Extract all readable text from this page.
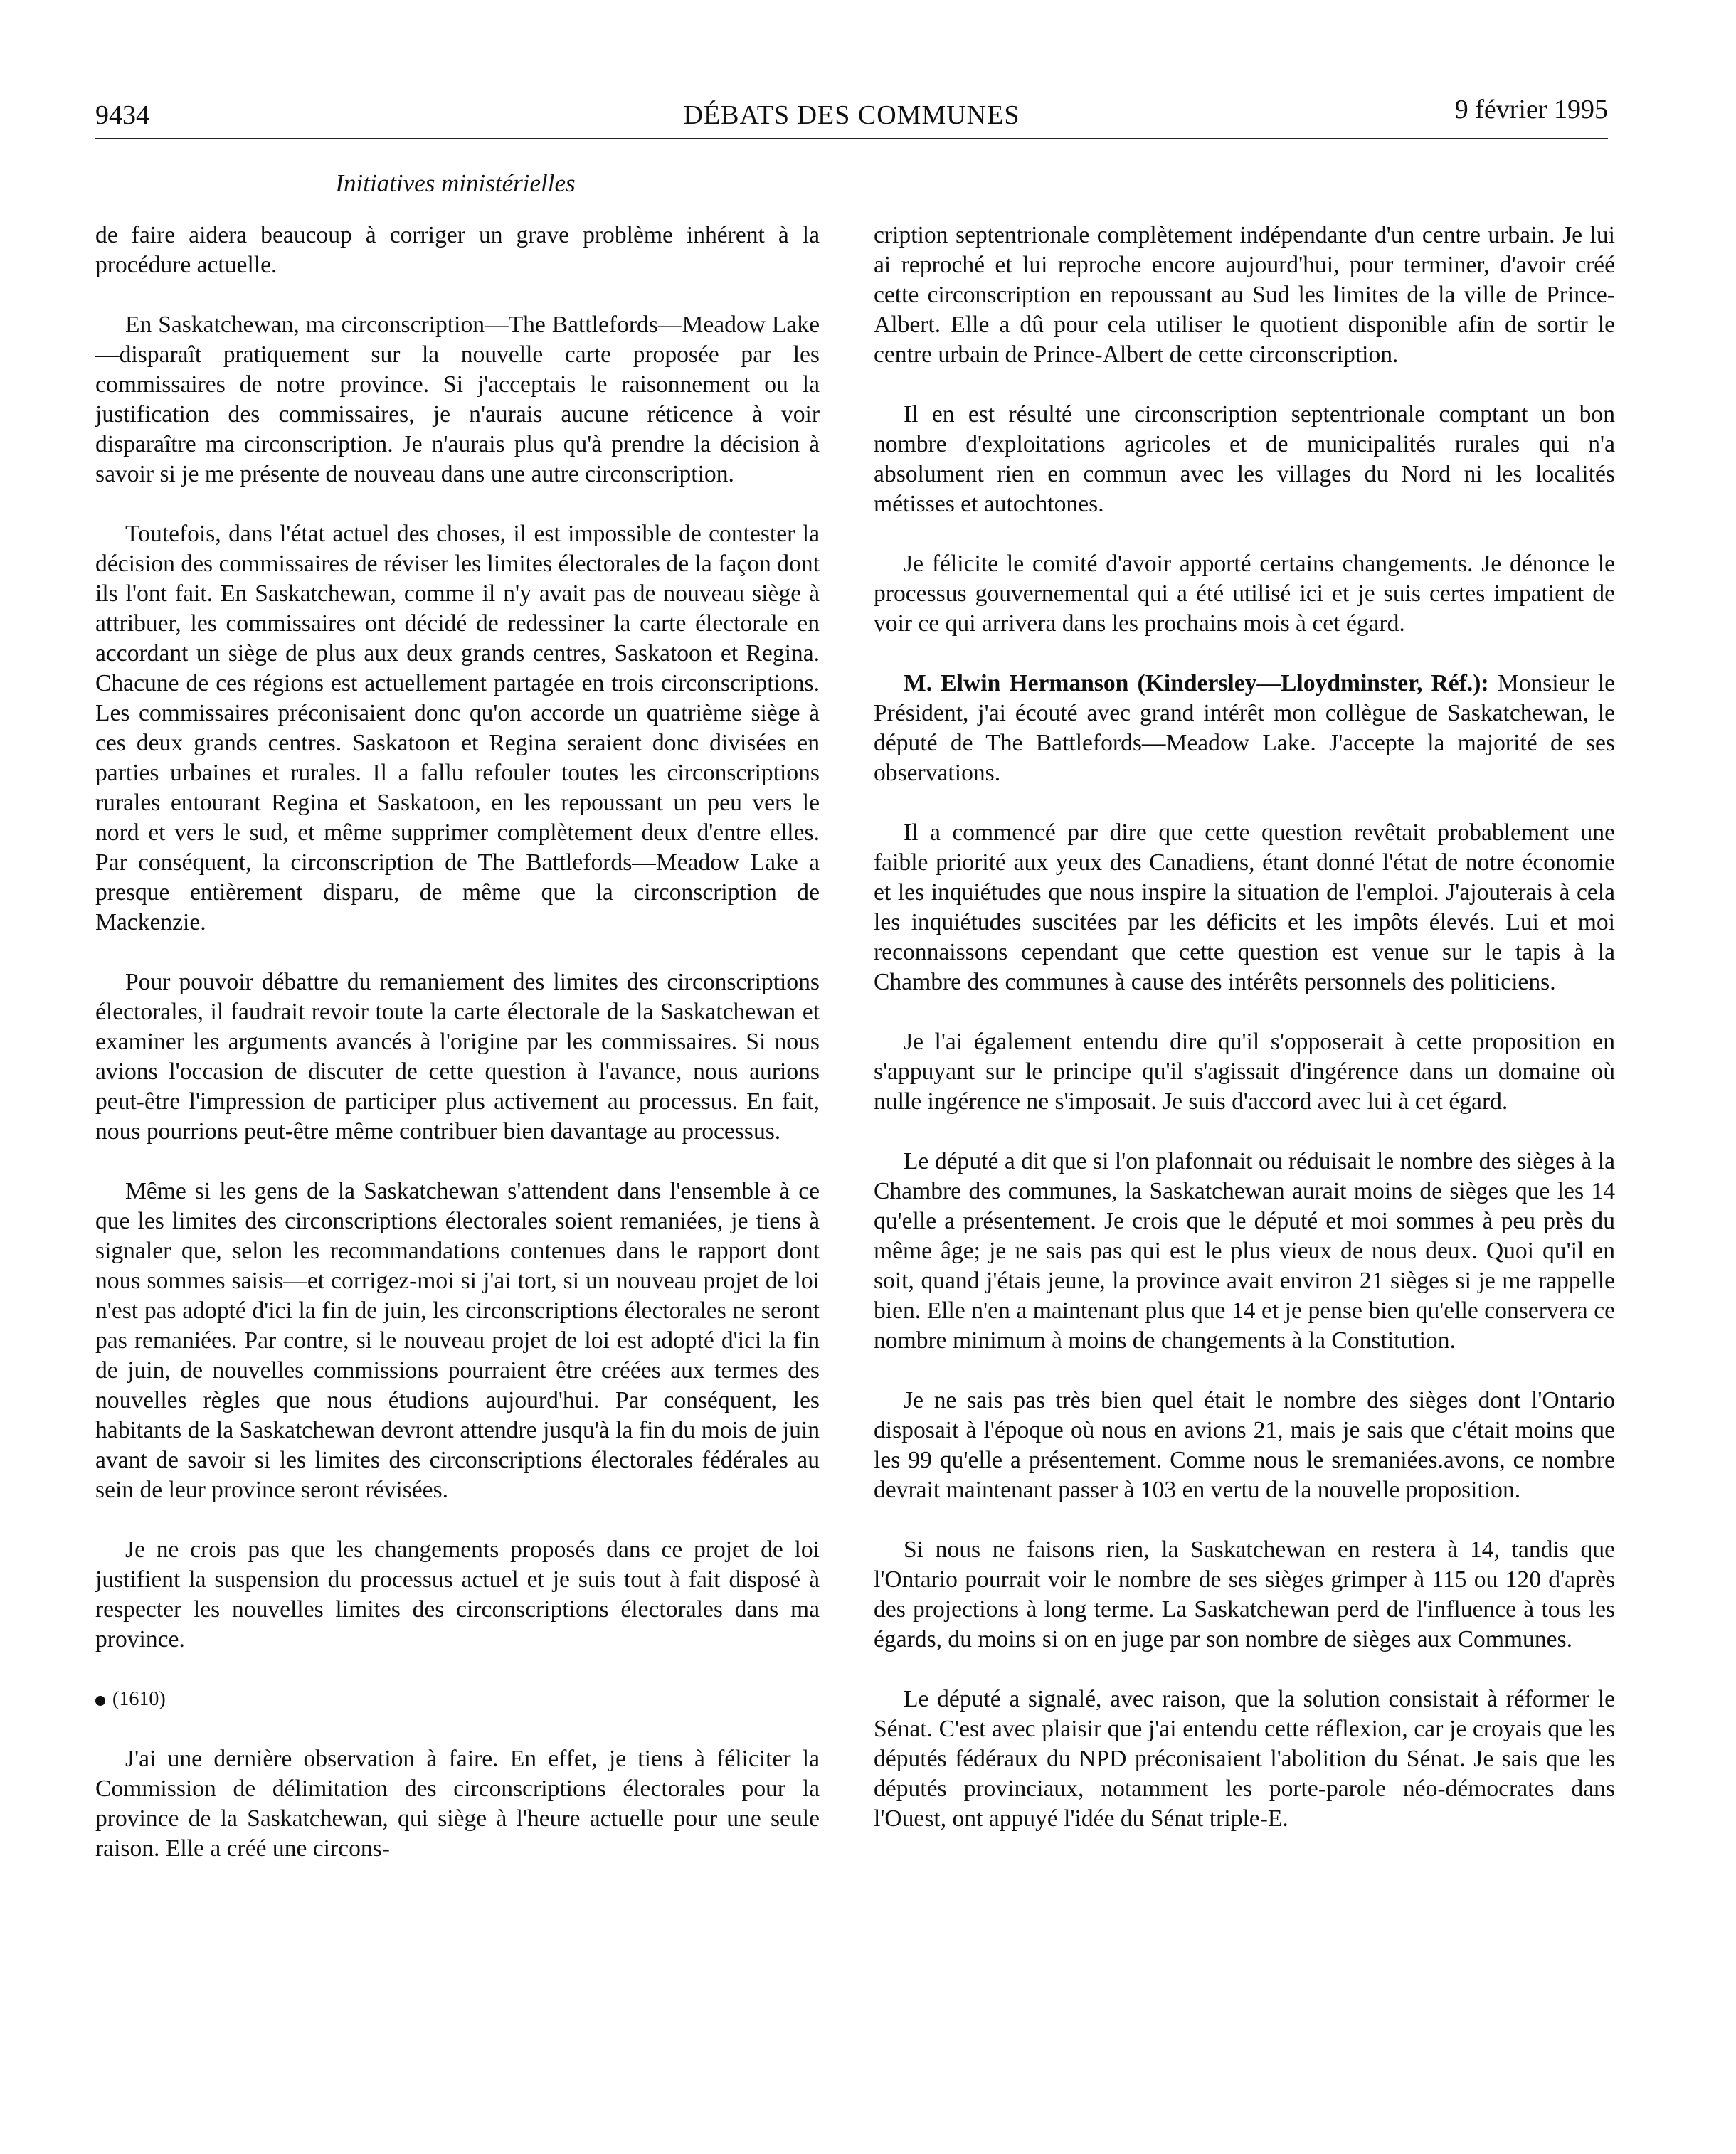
9434	DÉBATS DES COMMUNES	9 février 1995
Initiatives ministérielles

de faire aidera beaucoup à corriger un grave problème inhérent à la procédure actuelle.

En Saskatchewan, ma circonscription—The Battlefords—Meadow Lake—disparaît pratiquement sur la nouvelle carte proposée par les commissaires de notre province. Si j'acceptais le raisonnement ou la justification des commissaires, je n'aurais aucune réticence à voir disparaître ma circonscription. Je n'aurais plus qu'à prendre la décision à savoir si je me présente de nouveau dans une autre circonscription.

Toutefois, dans l'état actuel des choses, il est impossible de contester la décision des commissaires de réviser les limites électorales de la façon dont ils l'ont fait. En Saskatchewan, comme il n'y avait pas de nouveau siège à attribuer, les commissaires ont décidé de redessiner la carte électorale en accordant un siège de plus aux deux grands centres, Saskatoon et Regina. Chacune de ces régions est actuellement partagée en trois circonscriptions. Les commissaires préconisaient donc qu'on accorde un quatrième siège à ces deux grands centres. Saskatoon et Regina seraient donc divisées en parties urbaines et rurales. Il a fallu refouler toutes les circonscriptions rurales entourant Regina et Saskatoon, en les repoussant un peu vers le nord et vers le sud, et même supprimer complètement deux d'entre elles. Par conséquent, la circonscription de The Battlefords—Meadow Lake a presque entièrement disparu, de même que la circonscription de Mackenzie.

Pour pouvoir débattre du remaniement des limites des circonscriptions électorales, il faudrait revoir toute la carte électorale de la Saskatchewan et examiner les arguments avancés à l'origine par les commissaires. Si nous avions l'occasion de discuter de cette question à l'avance, nous aurions peut-être l'impression de participer plus activement au processus. En fait, nous pourrions peut-être même contribuer bien davantage au processus.

Même si les gens de la Saskatchewan s'attendent dans l'ensemble à ce que les limites des circonscriptions électorales soient remaniées, je tiens à signaler que, selon les recommandations contenues dans le rapport dont nous sommes saisis—et corrigez-moi si j'ai tort, si un nouveau projet de loi n'est pas adopté d'ici la fin de juin, les circonscriptions électorales ne seront pas remaniées. Par contre, si le nouveau projet de loi est adopté d'ici la fin de juin, de nouvelles commissions pourraient être créées aux termes des nouvelles règles que nous étudions aujourd'hui. Par conséquent, les habitants de la Saskatchewan devront attendre jusqu'à la fin du mois de juin avant de savoir si les limites des circonscriptions électorales fédérales au sein de leur province seront révisées.

Je ne crois pas que les changements proposés dans ce projet de loi justifient la suspension du processus actuel et je suis tout à fait disposé à respecter les nouvelles limites des circonscriptions électorales dans ma province.

(1610)

J'ai une dernière observation à faire. En effet, je tiens à féliciter la Commission de délimitation des circonscriptions électorales pour la province de la Saskatchewan, qui siège à l'heure actuelle pour une seule raison. Elle a créé une circons-

cription septentrionale complètement indépendante d'un centre urbain. Je lui ai reproché et lui reproche encore aujourd'hui, pour terminer, d'avoir créé cette circonscription en repoussant au Sud les limites de la ville de Prince-Albert. Elle a dû pour cela utiliser le quotient disponible afin de sortir le centre urbain de Prince-Albert de cette circonscription.

Il en est résulté une circonscription septentrionale comptant un bon nombre d'exploitations agricoles et de municipalités rurales qui n'a absolument rien en commun avec les villages du Nord ni les localités métisses et autochtones.

Je félicite le comité d'avoir apporté certains changements. Je dénonce le processus gouvernemental qui a été utilisé ici et je suis certes impatient de voir ce qui arrivera dans les prochains mois à cet égard.

M. Elwin Hermanson (Kindersley—Lloydminster, Réf.): Monsieur le Président, j'ai écouté avec grand intérêt mon collègue de Saskatchewan, le député de The Battlefords—Meadow Lake. J'accepte la majorité de ses observations.

Il a commencé par dire que cette question revêtait probablement une faible priorité aux yeux des Canadiens, étant donné l'état de notre économie et les inquiétudes que nous inspire la situation de l'emploi. J'ajouterais à cela les inquiétudes suscitées par les déficits et les impôts élevés. Lui et moi reconnaissons cependant que cette question est venue sur le tapis à la Chambre des communes à cause des intérêts personnels des politiciens.

Je l'ai également entendu dire qu'il s'opposerait à cette proposition en s'appuyant sur le principe qu'il s'agissait d'ingérence dans un domaine où nulle ingérence ne s'imposait. Je suis d'accord avec lui à cet égard.

Le député a dit que si l'on plafonnait ou réduisait le nombre des sièges à la Chambre des communes, la Saskatchewan aurait moins de sièges que les 14 qu'elle a présentement. Je crois que le député et moi sommes à peu près du même âge; je ne sais pas qui est le plus vieux de nous deux. Quoi qu'il en soit, quand j'étais jeune, la province avait environ 21 sièges si je me rappelle bien. Elle n'en a maintenant plus que 14 et je pense bien qu'elle conservera ce nombre minimum à moins de changements à la Constitution.

Je ne sais pas très bien quel était le nombre des sièges dont l'Ontario disposait à l'époque où nous en avions 21, mais je sais que c'était moins que les 99 qu'elle a présentement. Comme nous le sremaniées.avons, ce nombre devrait maintenant passer à 103 en vertu de la nouvelle proposition.

Si nous ne faisons rien, la Saskatchewan en restera à 14, tandis que l'Ontario pourrait voir le nombre de ses sièges grimper à 115 ou 120 d'après des projections à long terme. La Saskatchewan perd de l'influence à tous les égards, du moins si on en juge par son nombre de sièges aux Communes.

Le député a signalé, avec raison, que la solution consistait à réformer le Sénat. C'est avec plaisir que j'ai entendu cette réflexion, car je croyais que les députés fédéraux du NPD préconisaient l'abolition du Sénat. Je sais que les députés provinciaux, notamment les porte-parole néo-démocrates dans l'Ouest, ont appuyé l'idée du Sénat triple-E.
